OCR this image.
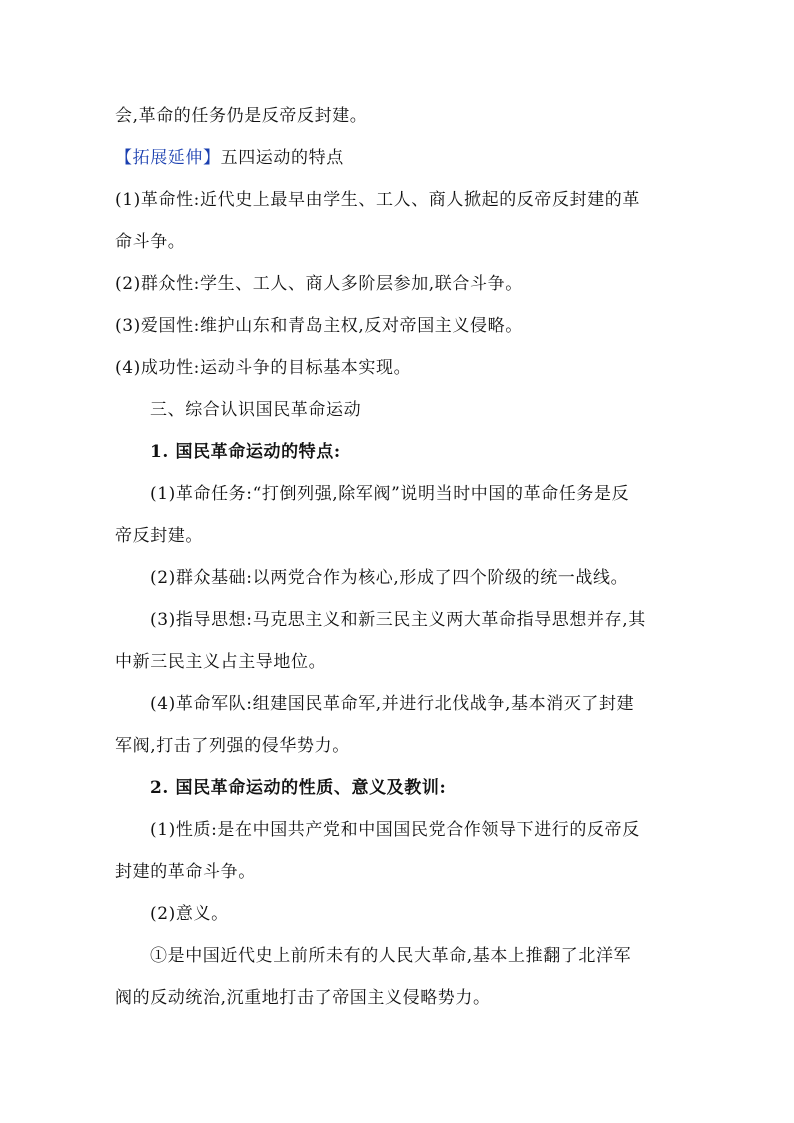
会,革命的任务仍是反帝反封建。
【拓展延伸】五四运动的特点
(1)革命性:近代史上最早由学生、工人、商人掀起的反帝反封建的革
命斗争。
(2)群众性:学生、工人、商人多阶层参加,联合斗争。
(3)爱国性:维护山东和青岛主权,反对帝国主义侵略。
(4)成功性:运动斗争的目标基本实现。
三、综合认识国民革命运动
1. 国民革命运动的特点:
(1)革命任务:“打倒列强,除军阀”说明当时中国的革命任务是反
帝反封建。
(2)群众基础:以两党合作为核心,形成了四个阶级的统一战线。
(3)指导思想:马克思主义和新三民主义两大革命指导思想并存,其
中新三民主义占主导地位。
(4)革命军队:组建国民革命军,并进行北伐战争,基本消灭了封建
军阀,打击了列强的侵华势力。
2. 国民革命运动的性质、意义及教训:
(1)性质:是在中国共产党和中国国民党合作领导下进行的反帝反
封建的革命斗争。
(2)意义。
①是中国近代史上前所未有的人民大革命,基本上推翻了北洋军
阀的反动统治,沉重地打击了帝国主义侵略势力。
